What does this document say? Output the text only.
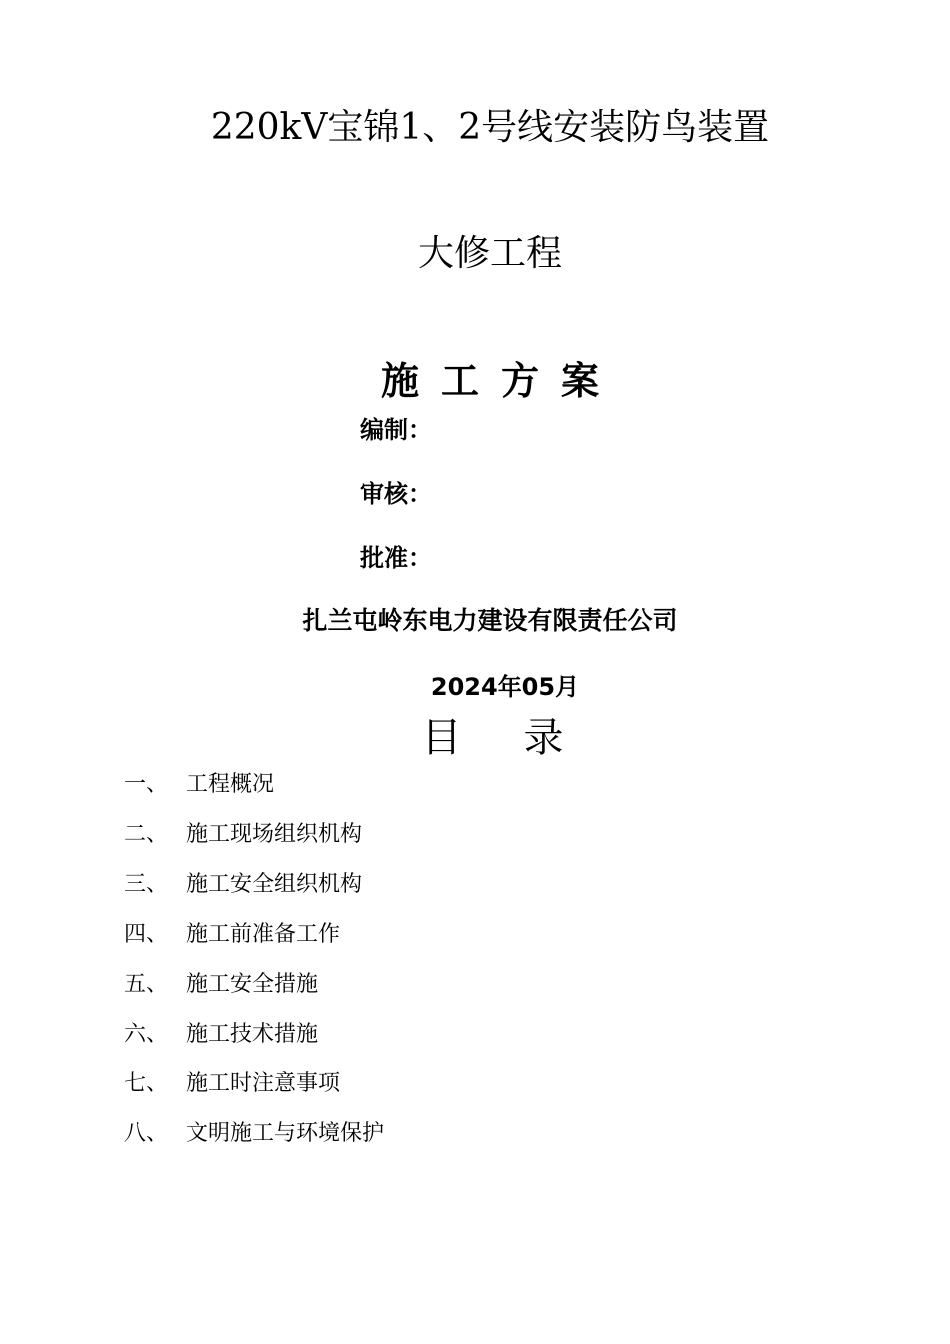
220kV宝锦1、2号线安装防鸟装置
大修工程
施工方案
编制：
审核：
批准：
扎兰屯岭东电力建设有限责任公司
2024年05月
目录
一、 工程概况
二、 施工现场组织机构
三、 施工安全组织机构
四、 施工前准备工作
五、 施工安全措施
六、 施工技术措施
七、 施工时注意事项
八、 文明施工与环境保护
